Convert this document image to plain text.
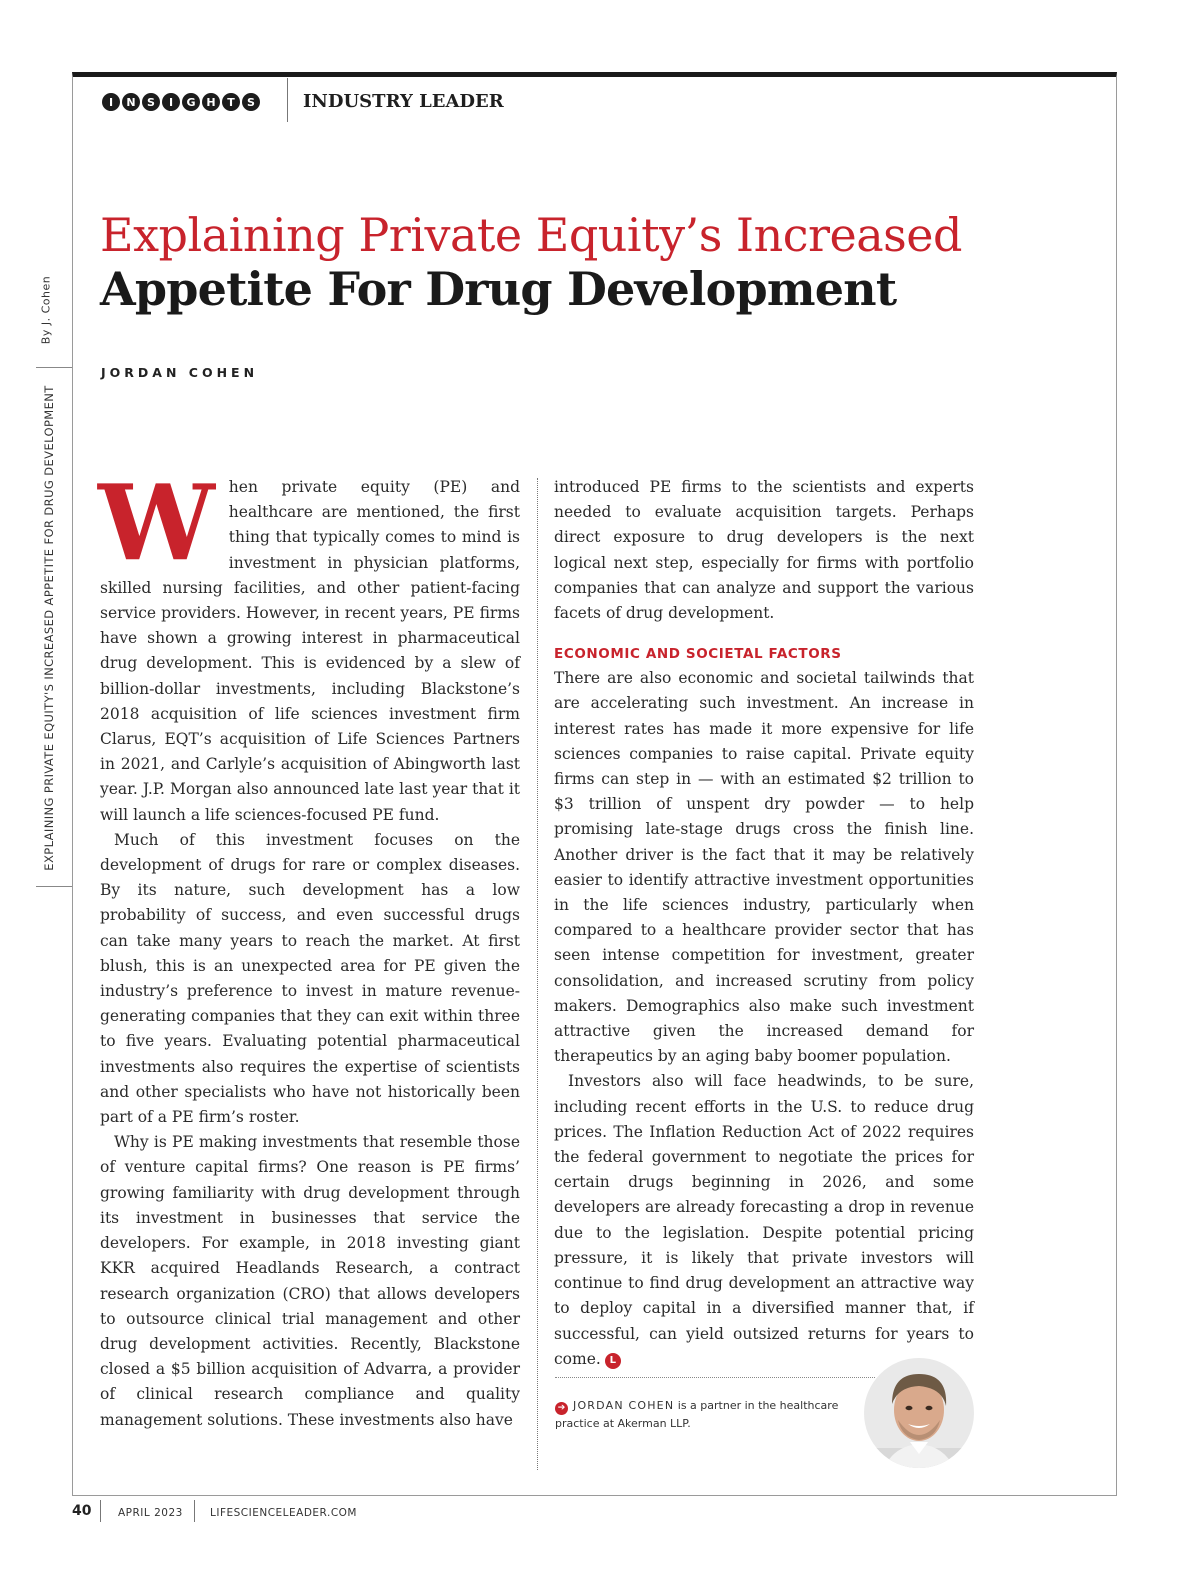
I	N	S	I	G H	T	S	INDUSTRY LEADER
By J. Cohen
EXPLAINING PRIVATE EQUITY'S INCREASED APPETITE FOR DRUG DEVELOPMENT
Explaining Private Equity’s Increased
Appetite For Drug Development
JORDAN COHEN

When private equity (PE) and healthcare are mentioned, the first thing that typically comes to mind is investment in physician platforms, skilled nursing facilities, and other patient-facing service providers. However, in recent years, PE firms have shown a growing interest in pharmaceutical drug development. This is evidenced by a slew of billion-dollar investments, including Blackstone’s 2018 acquisition of life sciences investment firm Clarus, EQT’s acquisition of Life Sciences Partners in 2021, and Carlyle’s acquisition of Abingworth last year. J.P. Morgan also announced late last year that it will launch a life sciences-focused PE fund.

Much of this investment focuses on the development of drugs for rare or complex diseases. By its nature, such development has a low probability of success, and even successful drugs can take many years to reach the market. At first blush, this is an unexpected area for PE given the industry’s preference to invest in mature revenue-generating companies that they can exit within three to five years. Evaluating potential pharmaceutical investments also requires the expertise of scientists and other specialists who have not historically been part of a PE firm’s roster.

Why is PE making investments that resemble those of venture capital firms? One reason is PE firms’ growing familiarity with drug development through its investment in businesses that service the developers. For example, in 2018 investing giant KKR acquired Headlands Research, a contract research organization (CRO) that allows developers to outsource clinical trial management and other drug development activities. Recently, Blackstone closed a $5 billion acquisition of Advarra, a provider of clinical research compliance and quality management solutions. These investments also have

introduced PE firms to the scientists and experts needed to evaluate acquisition targets. Perhaps direct exposure to drug developers is the next logical next step, especially for firms with portfolio companies that can analyze and support the various facets of drug development.

ECONOMIC AND SOCIETAL FACTORS

There are also economic and societal tailwinds that are accelerating such investment. An increase in interest rates has made it more expensive for life sciences companies to raise capital. Private equity firms can step in — with an estimated $2 trillion to $3 trillion of unspent dry powder — to help promising late-stage drugs cross the finish line. Another driver is the fact that it may be relatively easier to identify attractive investment opportunities in the life sciences industry, particularly when compared to a healthcare provider sector that has seen intense competition for investment, greater consolidation, and increased scrutiny from policy makers. Demographics also make such investment attractive given the increased demand for therapeutics by an aging baby boomer population.

Investors also will face headwinds, to be sure, including recent efforts in the U.S. to reduce drug prices. The Inflation Reduction Act of 2022 requires the federal government to negotiate the prices for certain drugs beginning in 2026, and some developers are already forecasting a drop in revenue due to the legislation. Despite potential pricing pressure, it is likely that private investors will continue to find drug development an attractive way to deploy capital in a diversified manner that, if successful, can yield outsized returns for years to come. L

➔ JORDAN COHEN is a partner in the healthcare practice at Akerman LLP.
40	APRIL 2023	LIFESCIENCELEADER.COM
